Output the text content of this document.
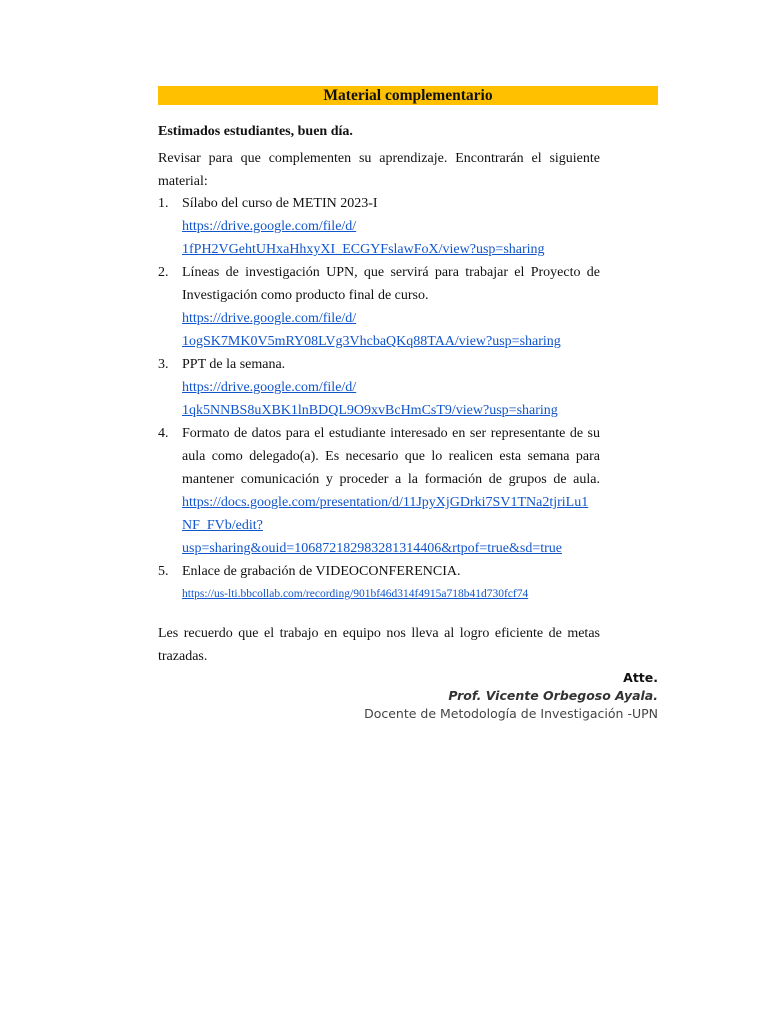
Material complementario
Estimados estudiantes, buen día.
Revisar para que complementen su aprendizaje. Encontrarán el siguiente
material:
1. Sílabo del curso de METIN 2023-I
https://drive.google.com/file/d/
1fPH2VGehtUHxaHhxyXI_ECGYFslawFoX/view?usp=sharing
2. Líneas de investigación UPN, que servirá para trabajar el Proyecto de
Investigación como producto final de curso.
https://drive.google.com/file/d/
1ogSK7MK0V5mRY08LVg3VhcbaQKq88TAA/view?usp=sharing
3. PPT de la semana.
https://drive.google.com/file/d/
1qk5NNBS8uXBK1lnBDQL9O9xvBcHmCsT9/view?usp=sharing
4. Formato de datos para el estudiante interesado en ser representante de su
aula como delegado(a). Es necesario que lo realicen esta semana para
mantener comunicación y proceder a la formación de grupos de aula.
https://docs.google.com/presentation/d/11JpyXjGDrki7SV1TNa2tjriLu1
NF_FVb/edit?
usp=sharing&ouid=106872182983281314406&rtpof=true&sd=true
5. Enlace de grabación de VIDEOCONFERENCIA.
https://us-lti.bbcollab.com/recording/901bf46d314f4915a718b41d730fcf74
Les recuerdo que el trabajo en equipo nos lleva al logro eficiente de metas
trazadas.
Atte.
Prof. Vicente Orbegoso Ayala.
Docente de Metodología de Investigación -UPN
